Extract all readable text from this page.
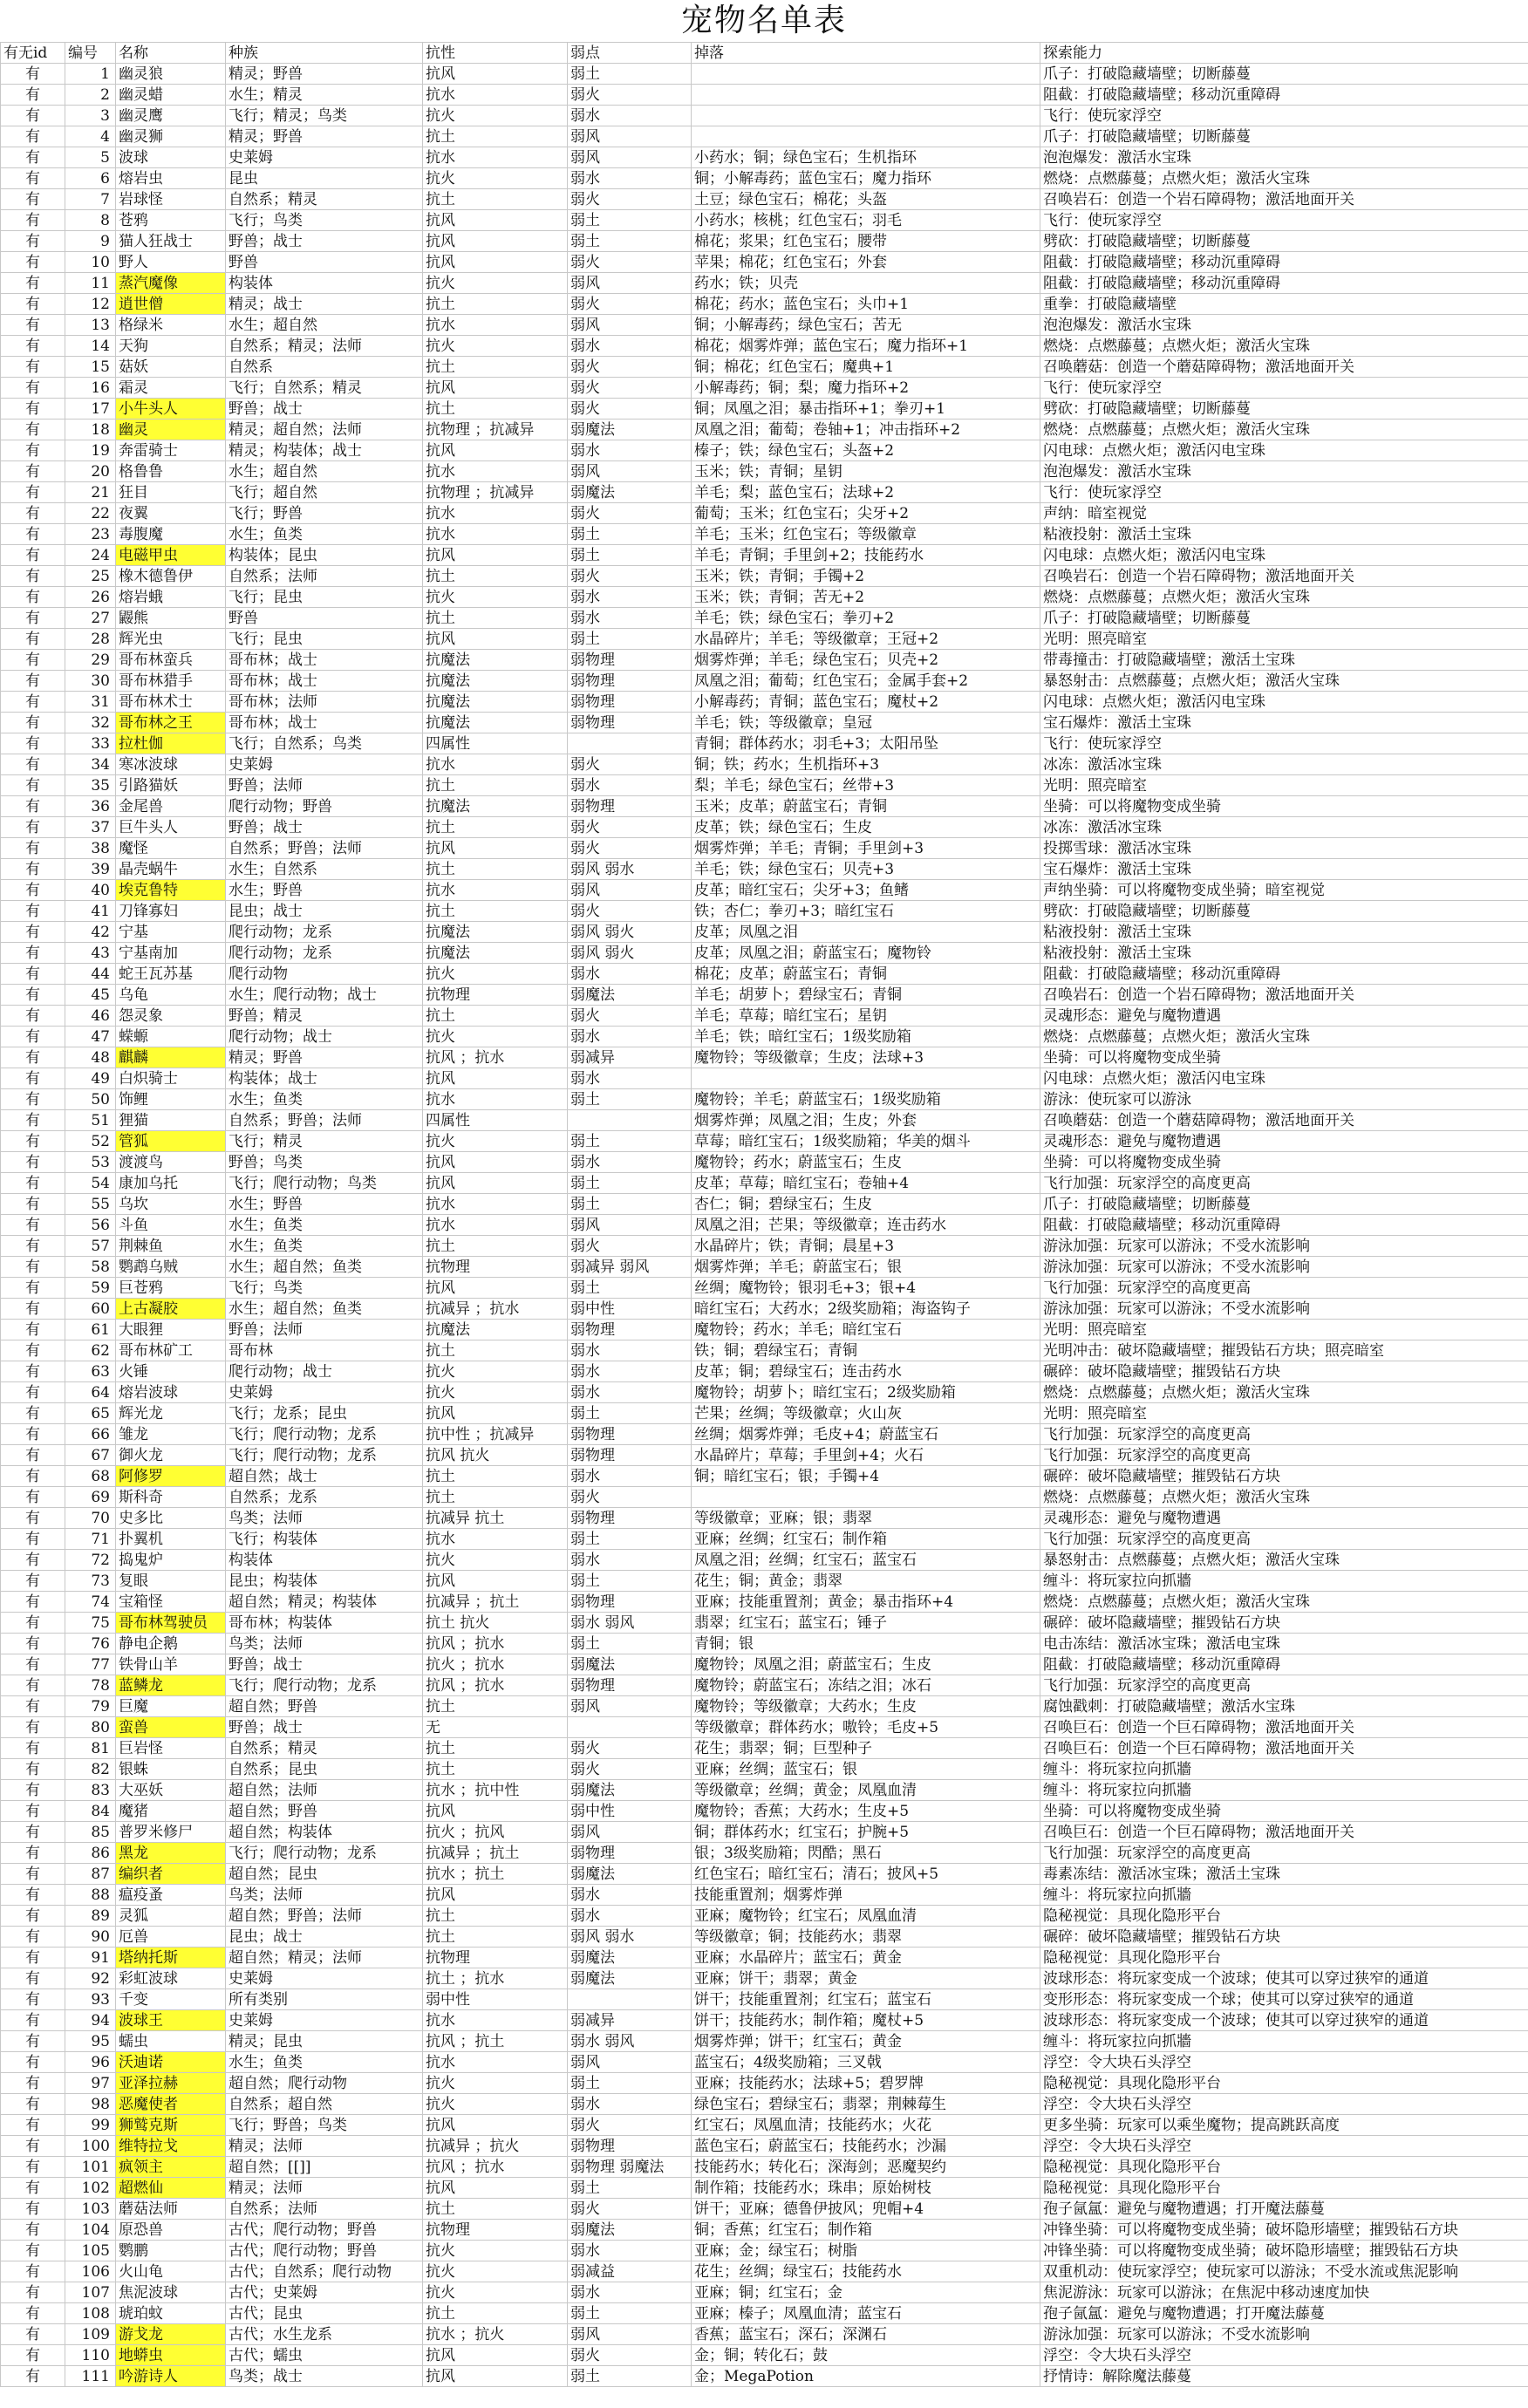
宠物名单表
有无id	编号	名称	种族	抗性	弱点	掉落	探索能力
有	1	幽灵狼	精灵；野兽	抗风	弱土		爪子：打破隐藏墙壁；切断藤蔓
有	2	幽灵蜡	水生；精灵	抗水	弱火		阻截：打破隐藏墙壁；移动沉重障碍
有	3	幽灵鹰	飞行；精灵；鸟类	抗火	弱水		飞行：使玩家浮空
有	4	幽灵狮	精灵；野兽	抗土	弱风		爪子：打破隐藏墙壁；切断藤蔓
有	5	波球	史莱姆	抗水	弱风	小药水；铜；绿色宝石；生机指环	泡泡爆发：激活水宝珠
有	6	熔岩虫	昆虫	抗火	弱水	铜；小解毒药；蓝色宝石；魔力指环	燃烧：点燃藤蔓；点燃火炬；激活火宝珠
有	7	岩球怪	自然系；精灵	抗土	弱火	土豆；绿色宝石；棉花；头盔	召唤岩石：创造一个岩石障碍物；激活地面开关
有	8	苍鸦	飞行；鸟类	抗风	弱土	小药水；核桃；红色宝石；羽毛	飞行：使玩家浮空
有	9	猫人狂战士	野兽；战士	抗风	弱土	棉花；浆果；红色宝石；腰带	劈砍：打破隐藏墙壁；切断藤蔓
有	10	野人	野兽	抗风	弱火	苹果；棉花；红色宝石；外套	阻截：打破隐藏墙壁；移动沉重障碍
有	11	蒸汽魔像	构装体	抗火	弱风	药水；铁；贝壳	阻截：打破隐藏墙壁；移动沉重障碍
有	12	逍世僧	精灵；战士	抗土	弱火	棉花；药水；蓝色宝石；头巾+1	重拳：打破隐藏墙壁
有	13	格绿米	水生；超自然	抗水	弱风	铜；小解毒药；绿色宝石；苦无	泡泡爆发：激活水宝珠
有	14	天狗	自然系；精灵；法师	抗火	弱水	棉花；烟雾炸弹；蓝色宝石；魔力指环+1	燃烧：点燃藤蔓；点燃火炬；激活火宝珠
有	15	菇妖	自然系	抗土	弱火	铜；棉花；红色宝石；魔典+1	召唤蘑菇：创造一个蘑菇障碍物；激活地面开关
有	16	霜灵	飞行；自然系；精灵	抗风	弱火	小解毒药；铜；梨；魔力指环+2	飞行：使玩家浮空
有	17	小牛头人	野兽；战士	抗土	弱火	铜；凤凰之泪；暴击指环+1；拳刃+1	劈砍：打破隐藏墙壁；切断藤蔓
有	18	幽灵	精灵；超自然；法师	抗物理 ；抗减异	弱魔法	凤凰之泪；葡萄；卷轴+1；冲击指环+2	燃烧：点燃藤蔓；点燃火炬；激活火宝珠
有	19	奔雷骑士	精灵；构装体；战士	抗风	弱水	榛子；铁；绿色宝石；头盔+2	闪电球：点燃火炬；激活闪电宝珠
有	20	格鲁鲁	水生；超自然	抗水	弱风	玉米；铁；青铜；星钥	泡泡爆发：激活水宝珠
有	21	狂目	飞行；超自然	抗物理 ；抗减异	弱魔法	羊毛；梨；蓝色宝石；法球+2	飞行：使玩家浮空
有	22	夜翼	飞行；野兽	抗水	弱火	葡萄；玉米；红色宝石；尖牙+2	声纳：暗室视觉
有	23	毒腹魔	水生；鱼类	抗水	弱土	羊毛；玉米；红色宝石；等级徽章	粘液投射：激活土宝珠
有	24	电磁甲虫	构装体；昆虫	抗风	弱土	羊毛；青铜；手里剑+2；技能药水	闪电球：点燃火炬；激活闪电宝珠
有	25	橡木德鲁伊	自然系；法师	抗土	弱火	玉米；铁；青铜；手镯+2	召唤岩石：创造一个岩石障碍物；激活地面开关
有	26	熔岩蛾	飞行；昆虫	抗火	弱水	玉米；铁；青铜；苦无+2	燃烧：点燃藤蔓；点燃火炬；激活火宝珠
有	27	鼹熊	野兽	抗土	弱水	羊毛；铁；绿色宝石；拳刃+2	爪子：打破隐藏墙壁；切断藤蔓
有	28	辉光虫	飞行；昆虫	抗风	弱土	水晶碎片；羊毛；等级徽章；王冠+2	光明：照亮暗室
有	29	哥布林蛮兵	哥布林；战士	抗魔法	弱物理	烟雾炸弹；羊毛；绿色宝石；贝壳+2	带毒撞击：打破隐藏墙壁；激活土宝珠
有	30	哥布林猎手	哥布林；战士	抗魔法	弱物理	凤凰之泪；葡萄；红色宝石；金属手套+2	暴怒射击：点燃藤蔓；点燃火炬；激活火宝珠
有	31	哥布林术士	哥布林；法师	抗魔法	弱物理	小解毒药；青铜；蓝色宝石；魔杖+2	闪电球：点燃火炬；激活闪电宝珠
有	32	哥布林之王	哥布林；战士	抗魔法	弱物理	羊毛；铁；等级徽章；皇冠	宝石爆炸：激活土宝珠
有	33	拉杜伽	飞行；自然系；鸟类	四属性		青铜；群体药水；羽毛+3；太阳吊坠	飞行：使玩家浮空
有	34	寒冰波球	史莱姆	抗水	弱火	铜；铁；药水；生机指环+3	冰冻：激活冰宝珠
有	35	引路猫妖	野兽；法师	抗土	弱水	梨；羊毛；绿色宝石；丝带+3	光明：照亮暗室
有	36	金尾兽	爬行动物；野兽	抗魔法	弱物理	玉米；皮革；蔚蓝宝石；青铜	坐骑：可以将魔物变成坐骑
有	37	巨牛头人	野兽；战士	抗土	弱火	皮革；铁；绿色宝石；生皮	冰冻：激活冰宝珠
有	38	魔怪	自然系；野兽；法师	抗风	弱火	烟雾炸弹；羊毛；青铜；手里剑+3	投掷雪球：激活冰宝珠
有	39	晶壳蜗牛	水生；自然系	抗土	弱风 弱水	羊毛；铁；绿色宝石；贝壳+3	宝石爆炸：激活土宝珠
有	40	埃克鲁特	水生；野兽	抗水	弱风	皮革；暗红宝石；尖牙+3；鱼鳍	声纳坐骑：可以将魔物变成坐骑；暗室视觉
有	41	刀锋寡妇	昆虫；战士	抗土	弱火	铁；杏仁；拳刃+3；暗红宝石	劈砍：打破隐藏墙壁；切断藤蔓
有	42	宁基	爬行动物；龙系	抗魔法	弱风 弱火	皮革；凤凰之泪	粘液投射：激活土宝珠
有	43	宁基南加	爬行动物；龙系	抗魔法	弱风 弱火	皮革；凤凰之泪；蔚蓝宝石；魔物铃	粘液投射：激活土宝珠
有	44	蛇王瓦苏基	爬行动物	抗火	弱水	棉花；皮革；蔚蓝宝石；青铜	阻截：打破隐藏墙壁；移动沉重障碍
有	45	乌龟	水生；爬行动物；战士	抗物理	弱魔法	羊毛；胡萝卜；碧绿宝石；青铜	召唤岩石：创造一个岩石障碍物；激活地面开关
有	46	怨灵象	野兽；精灵	抗土	弱火	羊毛；草莓；暗红宝石；星钥	灵魂形态：避免与魔物遭遇
有	47	蝾螈	爬行动物；战士	抗火	弱水	羊毛；铁；暗红宝石；1级奖励箱	燃烧：点燃藤蔓；点燃火炬；激活火宝珠
有	48	麒麟	精灵；野兽	抗风 ；抗水	弱减异	魔物铃；等级徽章；生皮；法球+3	坐骑：可以将魔物变成坐骑
有	49	白炽骑士	构装体；战士	抗风	弱水		闪电球：点燃火炬；激活闪电宝珠
有	50	饰鲤	水生；鱼类	抗水	弱土	魔物铃；羊毛；蔚蓝宝石；1级奖励箱	游泳：使玩家可以游泳
有	51	狸猫	自然系；野兽；法师	四属性		烟雾炸弹；凤凰之泪；生皮；外套	召唤蘑菇：创造一个蘑菇障碍物；激活地面开关
有	52	管狐	飞行；精灵	抗火	弱土	草莓；暗红宝石；1级奖励箱；华美的烟斗	灵魂形态：避免与魔物遭遇
有	53	渡渡鸟	野兽；鸟类	抗风	弱水	魔物铃；药水；蔚蓝宝石；生皮	坐骑：可以将魔物变成坐骑
有	54	康加乌托	飞行；爬行动物；鸟类	抗风	弱土	皮革；草莓；暗红宝石；卷轴+4	飞行加强：玩家浮空的高度更高
有	55	乌坎	水生；野兽	抗水	弱土	杏仁；铜；碧绿宝石；生皮	爪子：打破隐藏墙壁；切断藤蔓
有	56	斗鱼	水生；鱼类	抗水	弱风	凤凰之泪；芒果；等级徽章；连击药水	阻截：打破隐藏墙壁；移动沉重障碍
有	57	荆棘鱼	水生；鱼类	抗土	弱火	水晶碎片；铁；青铜；晨星+3	游泳加强：玩家可以游泳；不受水流影响
有	58	鹦鹉乌贼	水生；超自然；鱼类	抗物理	弱减异 弱风	烟雾炸弹；羊毛；蔚蓝宝石；银	游泳加强：玩家可以游泳；不受水流影响
有	59	巨苍鸦	飞行；鸟类	抗风	弱土	丝绸；魔物铃；银羽毛+3；银+4	飞行加强：玩家浮空的高度更高
有	60	上古凝胶	水生；超自然；鱼类	抗减异 ；抗水	弱中性	暗红宝石；大药水；2级奖励箱；海盗钩子	游泳加强：玩家可以游泳；不受水流影响
有	61	大眼狸	野兽；法师	抗魔法	弱物理	魔物铃；药水；羊毛；暗红宝石	光明：照亮暗室
有	62	哥布林矿工	哥布林	抗土	弱水	铁；铜；碧绿宝石；青铜	光明冲击：破坏隐藏墙壁；摧毁钻石方块；照亮暗室
有	63	火锤	爬行动物；战士	抗火	弱水	皮革；铜；碧绿宝石；连击药水	碾碎：破坏隐藏墙壁；摧毁钻石方块
有	64	熔岩波球	史莱姆	抗火	弱水	魔物铃；胡萝卜；暗红宝石；2级奖励箱	燃烧：点燃藤蔓；点燃火炬；激活火宝珠
有	65	辉光龙	飞行；龙系；昆虫	抗风	弱土	芒果；丝绸；等级徽章；火山灰	光明：照亮暗室
有	66	雏龙	飞行；爬行动物；龙系	抗中性 ；抗减异	弱物理	丝绸；烟雾炸弹；毛皮+4；蔚蓝宝石	飞行加强：玩家浮空的高度更高
有	67	御火龙	飞行；爬行动物；龙系	抗风 抗火	弱物理	水晶碎片；草莓；手里剑+4；火石	飞行加强：玩家浮空的高度更高
有	68	阿修罗	超自然；战士	抗土	弱水	铜；暗红宝石；银；手镯+4	碾碎：破坏隐藏墙壁；摧毁钻石方块
有	69	斯科奇	自然系；龙系	抗土	弱火		燃烧：点燃藤蔓；点燃火炬；激活火宝珠
有	70	史多比	鸟类；法师	抗减异 抗土	弱物理	等级徽章；亚麻；银；翡翠	灵魂形态：避免与魔物遭遇
有	71	扑翼机	飞行；构装体	抗水	弱土	亚麻；丝绸；红宝石；制作箱	飞行加强：玩家浮空的高度更高
有	72	捣鬼炉	构装体	抗火	弱水	凤凰之泪；丝绸；红宝石；蓝宝石	暴怒射击：点燃藤蔓；点燃火炬；激活火宝珠
有	73	复眼	昆虫；构装体	抗风	弱土	花生；铜；黄金；翡翠	缠斗：将玩家拉向抓牆
有	74	宝箱怪	超自然；精灵；构装体	抗减异 ；抗土	弱物理	亚麻；技能重置剂；黄金；暴击指环+4	燃烧：点燃藤蔓；点燃火炬；激活火宝珠
有	75	哥布林驾驶员	哥布林；构装体	抗土 抗火	弱水 弱风	翡翠；红宝石；蓝宝石；锤子	碾碎：破坏隐藏墙壁；摧毁钻石方块
有	76	静电企鹅	鸟类；法师	抗风 ；抗水	弱土	青铜；银	电击冻结：激活冰宝珠；激活电宝珠
有	77	铁骨山羊	野兽；战士	抗火 ；抗水	弱魔法	魔物铃；凤凰之泪；蔚蓝宝石；生皮	阻截：打破隐藏墙壁；移动沉重障碍
有	78	蓝鳞龙	飞行；爬行动物；龙系	抗风 ；抗水	弱物理	魔物铃；蔚蓝宝石；冻结之泪；冰石	飞行加强：玩家浮空的高度更高
有	79	巨魔	超自然；野兽	抗土	弱风	魔物铃；等级徽章；大药水；生皮	腐蚀戳刺：打破隐藏墙壁；激活水宝珠
有	80	蛮兽	野兽；战士	无		等级徽章；群体药水；嗷铃；毛皮+5	召唤巨石：创造一个巨石障碍物；激活地面开关
有	81	巨岩怪	自然系；精灵	抗土	弱火	花生；翡翠；铜；巨型种子	召唤巨石：创造一个巨石障碍物；激活地面开关
有	82	银蛛	自然系；昆虫	抗土	弱火	亚麻；丝绸；蓝宝石；银	缠斗：将玩家拉向抓牆
有	83	大巫妖	超自然；法师	抗水 ；抗中性	弱魔法	等级徽章；丝绸；黄金；凤凰血清	缠斗：将玩家拉向抓牆
有	84	魔猪	超自然；野兽	抗风	弱中性	魔物铃；香蕉；大药水；生皮+5	坐骑：可以将魔物变成坐骑
有	85	普罗米修尸	超自然；构装体	抗火 ；抗风	弱风	铜；群体药水；红宝石；护腕+5	召唤巨石：创造一个巨石障碍物；激活地面开关
有	86	黑龙	飞行；爬行动物；龙系	抗减异 ；抗土	弱物理	银；3级奖励箱；閃酷；黑石	飞行加强：玩家浮空的高度更高
有	87	编织者	超自然；昆虫	抗水 ；抗土	弱魔法	红色宝石；暗红宝石；清石；披风+5	毒素冻结：激活冰宝珠；激活土宝珠
有	88	瘟疫蚤	鸟类；法师	抗风	弱水	技能重置剂；烟雾炸弹	缠斗：将玩家拉向抓牆
有	89	灵狐	超自然；野兽；法师	抗土	弱水	亚麻；魔物铃；红宝石；凤凰血清	隐秘视觉：具现化隐形平台
有	90	厄兽	昆虫；战士	抗土	弱风 弱水	等级徽章；铜；技能药水；翡翠	碾碎：破坏隐藏墙壁；摧毁钻石方块
有	91	塔纳托斯	超自然；精灵；法师	抗物理	弱魔法	亚麻；水晶碎片；蓝宝石；黄金	隐秘视觉：具现化隐形平台
有	92	彩虹波球	史莱姆	抗土 ；抗水	弱魔法	亚麻；饼干；翡翠；黄金	波球形态：将玩家变成一个波球；使其可以穿过狭窄的通道
有	93	千变	所有类别	弱中性		饼干；技能重置剂；红宝石；蓝宝石	变形形态：将玩家变成一个球；使其可以穿过狭窄的通道
有	94	波球王	史莱姆	抗水	弱减异	饼干；技能药水；制作箱；魔杖+5	波球形态：将玩家变成一个波球；使其可以穿过狭窄的通道
有	95	蠕虫	精灵；昆虫	抗风 ；抗土	弱水 弱风	烟雾炸弹；饼干；红宝石；黄金	缠斗：将玩家拉向抓牆
有	96	沃迪诺	水生；鱼类	抗水	弱风	蓝宝石；4级奖励箱；三叉戟	浮空：令大块石头浮空
有	97	亚泽拉赫	超自然；爬行动物	抗火	弱土	亚麻；技能药水；法球+5；碧罗牌	隐秘视觉：具现化隐形平台
有	98	恶魔使者	自然系；超自然	抗火	弱水	绿色宝石；碧绿宝石；翡翠；荆棘莓生	浮空：令大块石头浮空
有	99	狮鹫克斯	飞行；野兽；鸟类	抗风	弱火	红宝石；凤凰血清；技能药水；火花	更多坐骑：玩家可以乘坐魔物；提高跳跃高度
有	100	维特拉戈	精灵；法师	抗减异 ；抗火	弱物理	蓝色宝石；蔚蓝宝石；技能药水；沙漏	浮空：令大块石头浮空
有	101	疯领主	超自然；[[]]	抗风 ；抗水	弱物理 弱魔法	技能药水；转化石；深海剑；恶魔契约	隐秘视觉：具现化隐形平台
有	102	超燃仙	精灵；法师	抗风	弱土	制作箱；技能药水；珠串；原始树枝	隐秘视觉：具现化隐形平台
有	103	蘑菇法师	自然系；法师	抗土	弱火	饼干；亚麻；德鲁伊披风；兜帽+4	孢子氤氲：避免与魔物遭遇；打开魔法藤蔓
有	104	原恐兽	古代；爬行动物；野兽	抗物理	弱魔法	铜；香蕉；红宝石；制作箱	冲锋坐骑：可以将魔物变成坐骑；破坏隐形墙壁；摧毁钻石方块
有	105	鹦鹏	古代；爬行动物；野兽	抗火	弱水	亚麻；金；绿宝石；树脂	冲锋坐骑：可以将魔物变成坐骑；破坏隐形墙壁；摧毁钻石方块
有	106	火山龟	古代；自然系；爬行动物	抗火	弱减益	花生；丝绸；绿宝石；技能药水	双重机动：使玩家浮空；使玩家可以游泳；不受水流或焦泥影响
有	107	焦泥波球	古代；史莱姆	抗火	弱水	亚麻；铜；红宝石；金	焦泥游泳：玩家可以游泳；在焦泥中移动速度加快
有	108	琥珀蚊	古代；昆虫	抗土	弱土	亚麻；榛子；凤凰血清；蓝宝石	孢子氤氲：避免与魔物遭遇；打开魔法藤蔓
有	109	游戈龙	古代；水生龙系	抗水 ；抗火	弱风	香蕉；蓝宝石；深石；深渊石	游泳加强：玩家可以游泳；不受水流影响
有	110	地蟒虫	古代；蠕虫	抗风	弱火	金；铜；转化石；鼓	浮空：令大块石头浮空
有	111	吟游诗人	鸟类；战士	抗风	弱土	金；MegaPotion	抒情诗：解除魔法藤蔓
